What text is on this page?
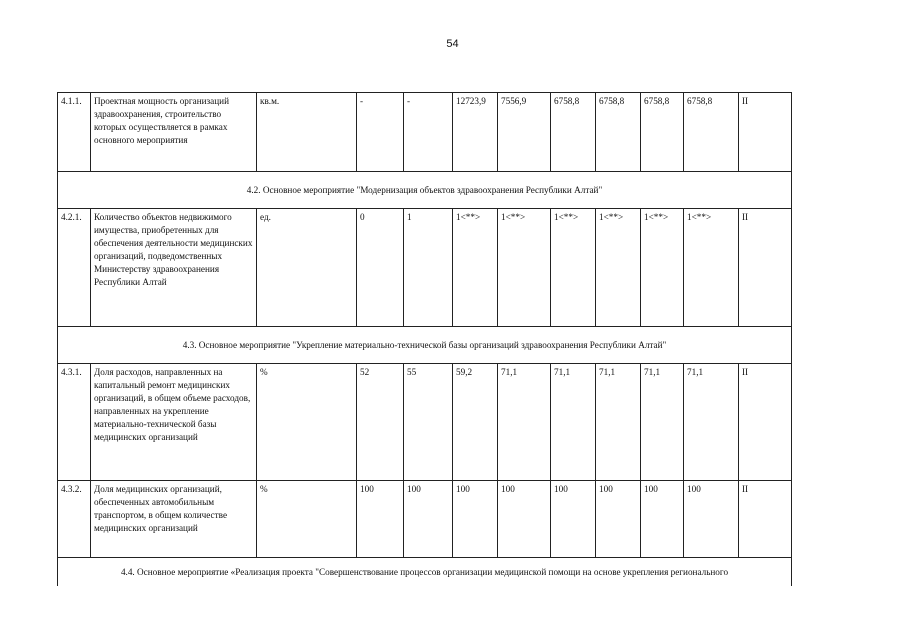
54
4.1.1.	Проектная мощность организаций здравоохранения, строительство которых осуществляется в рамках основного мероприятия	кв.м.	-	-	12723,9	7556,9	6758,8	6758,8	6758,8	6758,8	II
4.2. Основное мероприятие "Модернизация объектов здравоохранения Республики Алтай"											
4.2.1.	Количество объектов недвижимого имущества, приобретенных для обеспечения деятельности медицинских организаций, подведомственных Министерству здравоохранения Республики Алтай	ед.	0	1	1<**>	1<**>	1<**>	1<**>	1<**>	1<**>	II
4.3. Основное мероприятие "Укрепление материально-технической базы организаций здравоохранения Республики Алтай"											
4.3.1.	Доля расходов, направленных на капитальный ремонт медицинских организаций, в общем объеме расходов, направленных на укрепление материально-технической базы медицинских организаций	%	52	55	59,2	71,1	71,1	71,1	71,1	71,1	II
4.3.2.	Доля медицинских организаций, обеспеченных автомобильным транспортом, в общем количестве медицинских организаций	%	100	100	100	100	100	100	100	100	II
4.4. Основное мероприятие «Реализация проекта "Совершенствование процессов организации медицинской помощи на основе укрепления регионального											
